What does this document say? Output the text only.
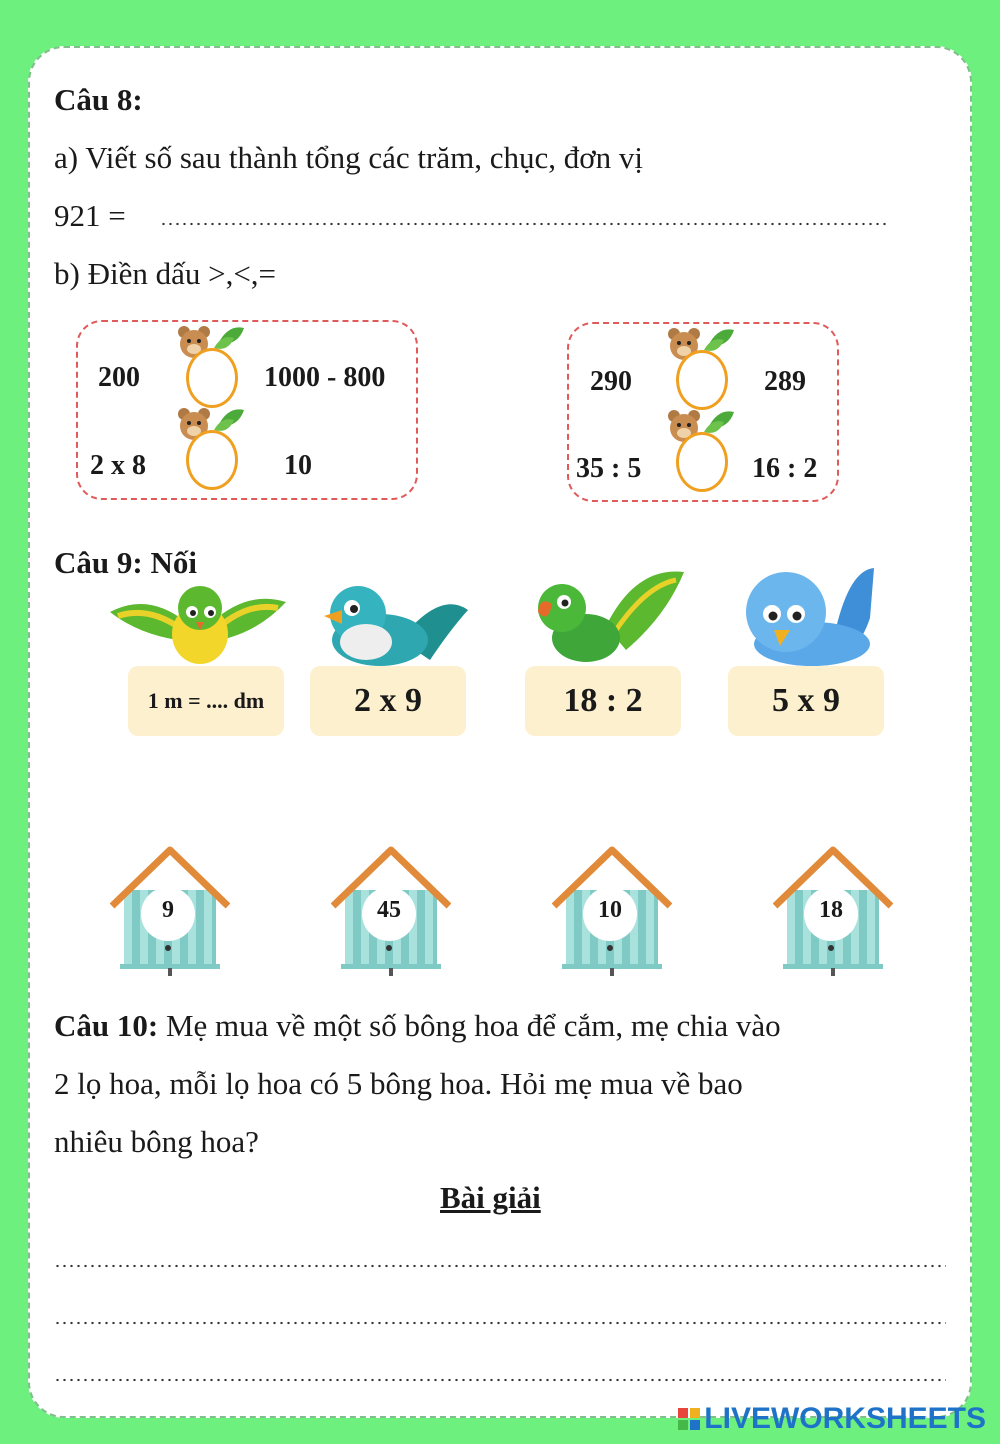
Câu 8:
a) Viết số sau thành tổng các trăm, chục, đơn vị
921 =
b) Điền dấu >,<,=
200	1000 - 800
2 x 8	10
290	289
35 : 5	16 : 2
Câu 9: Nối
1 m = .... dm	2 x 9	18 : 2	5 x 9
9	45	10	18
Câu 10: Mẹ mua về một số bông hoa để cắm, mẹ chia vào
2 lọ hoa, mỗi lọ hoa có 5 bông hoa. Hỏi mẹ mua về bao
nhiêu bông hoa?
Bài giải
LIVEWORKSHEETS
